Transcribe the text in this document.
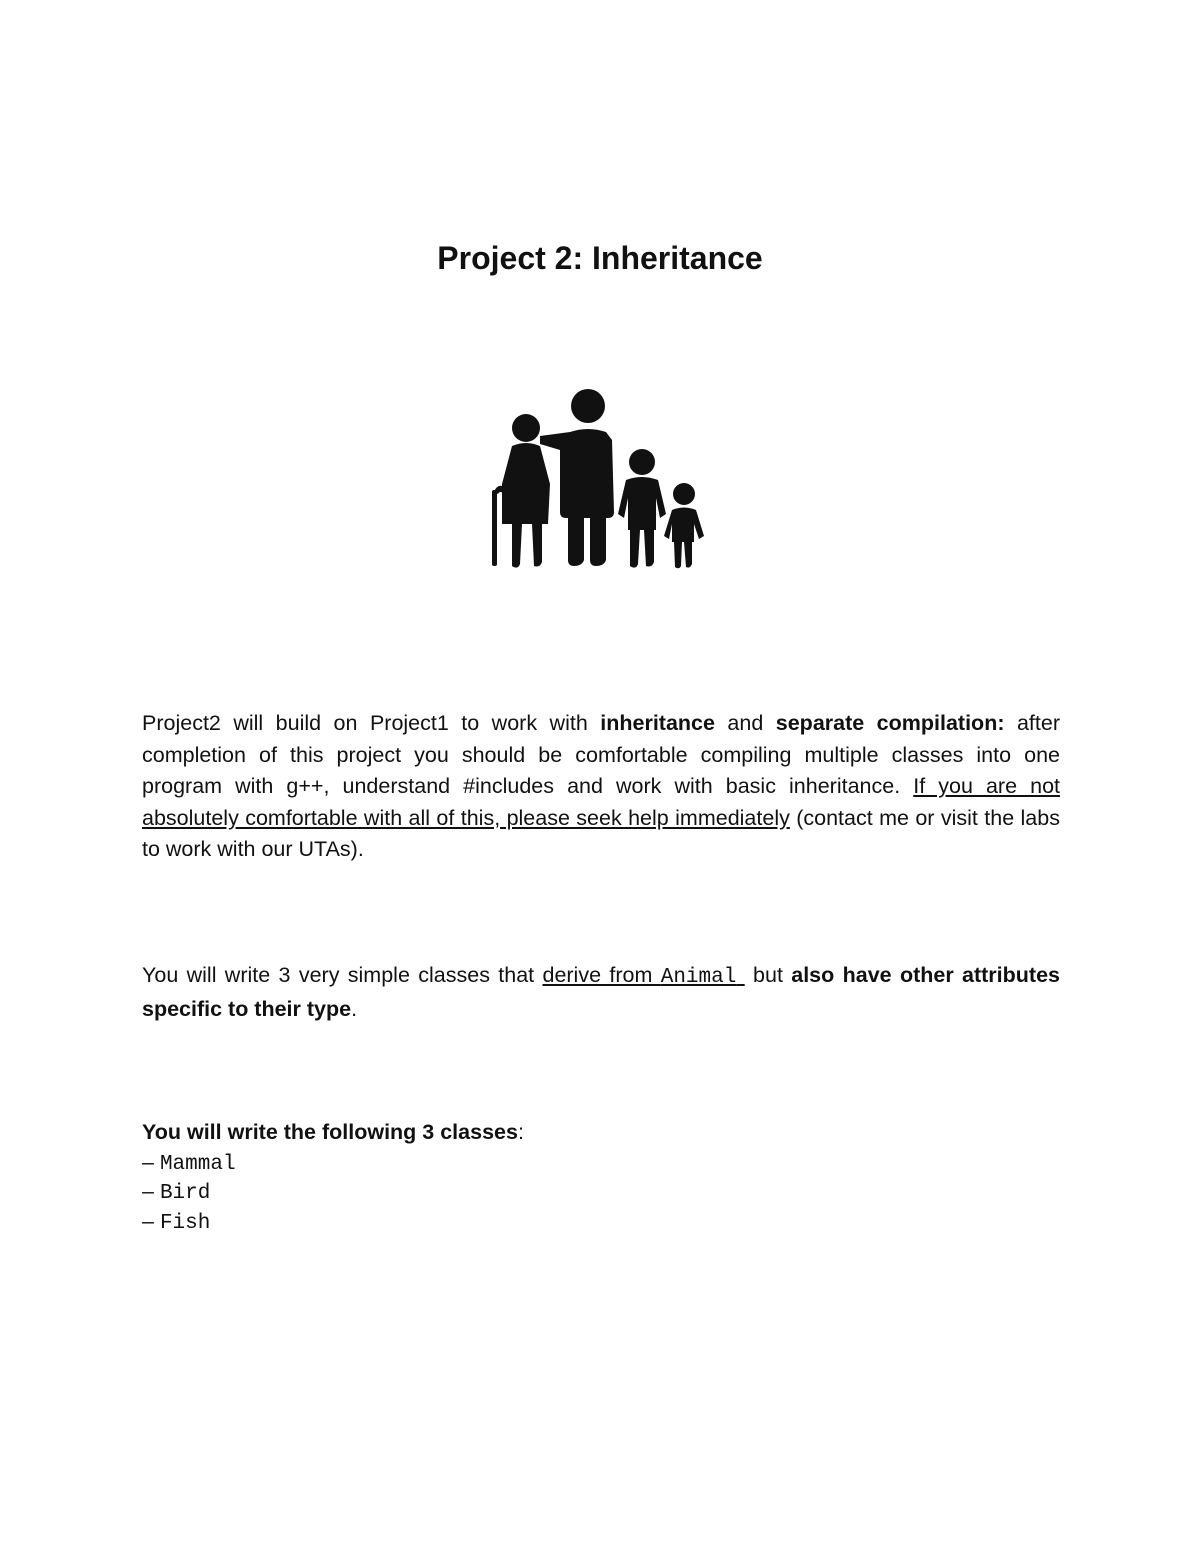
Project 2: Inheritance

Project2 will build on Project1 to work with inheritance and separate compilation: after completion of this project you should be comfortable compiling multiple classes into one program with g++, understand #includes and work with basic inheritance. If you are not absolutely comfortable with all of this, please seek help immediately (contact me or visit the labs to work with our UTAs).

You will write 3 very simple classes that derive from Animal  but also have other attributes specific to their type.

You will write the following 3 classes:
– Mammal
– Bird
– Fish
